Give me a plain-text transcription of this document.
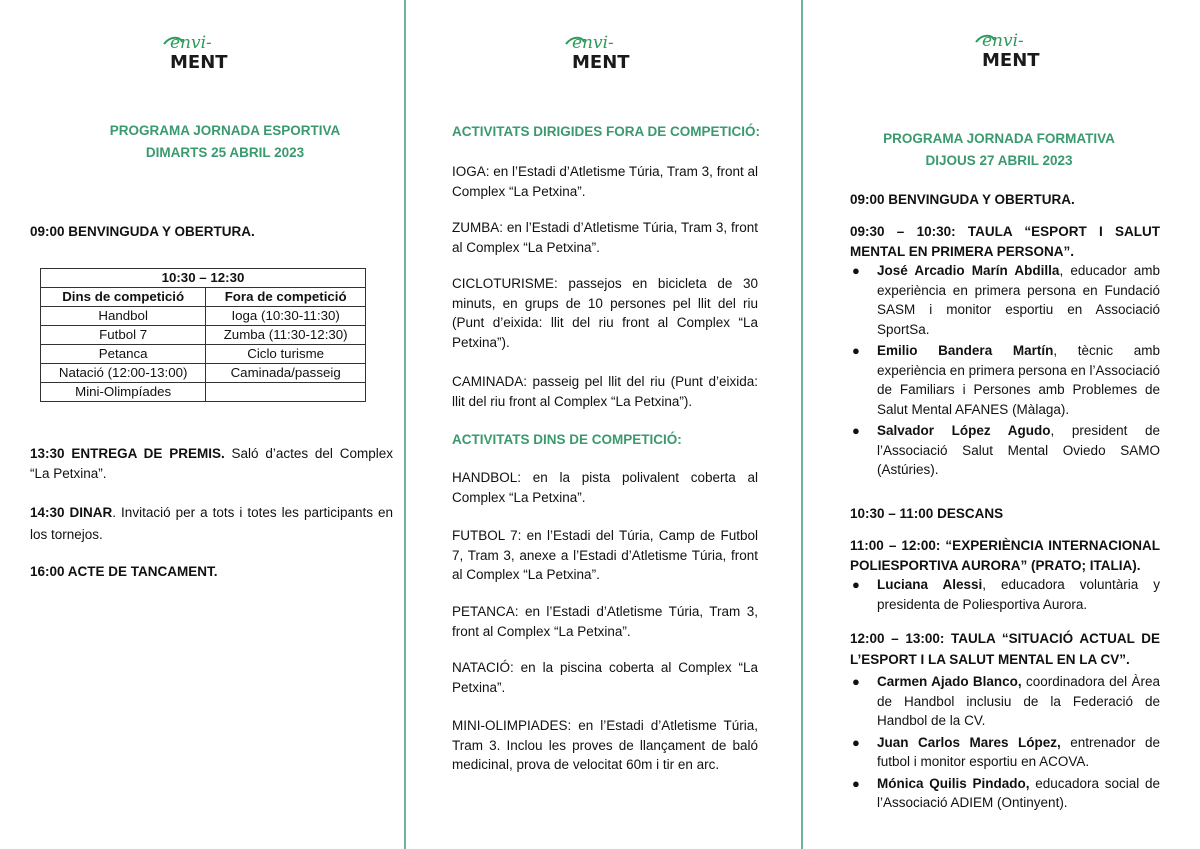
envi-
MENT
envi-
MENT
envi-
MENT
PROGRAMA JORNADA ESPORTIVA
DIMARTS 25 ABRIL 2023
09:00 BENVINGUDA Y OBERTURA.
10:30 – 12:30	
Dins de competició	Fora de competició
Handbol	Ioga (10:30-11:30)
Futbol 7	Zumba (11:30-12:30)
Petanca	Ciclo turisme
Natació (12:00-13:00)	Caminada/passeig
Mini-Olimpíades	
13:30 ENTREGA DE PREMIS. Saló d’actes del Complex “La Petxina”.
14:30 DINAR. Invitació per a tots i totes les participants en los tornejos.
16:00 ACTE DE TANCAMENT.
ACTIVITATS DIRIGIDES FORA DE COMPETICIÓ:
IOGA: en l’Estadi d’Atletisme Túria, Tram 3, front al Complex “La Petxina”.
ZUMBA: en l’Estadi d’Atletisme Túria, Tram 3, front al Complex “La Petxina”.
CICLOTURISME: passejos en bicicleta de 30 minuts, en grups de 10 persones pel llit del riu (Punt d’eixida: llit del riu front al Complex “La Petxina”).
CAMINADA: passeig pel llit del riu (Punt d’eixida: llit del riu front al Complex “La Petxina”).
ACTIVITATS DINS DE COMPETICIÓ:
HANDBOL: en la pista polivalent coberta al Complex “La Petxina”.
FUTBOL 7: en l’Estadi del Túria, Camp de Futbol 7, Tram 3, anexe a l’Estadi d’Atletisme Túria, front al Complex “La Petxina”.
PETANCA: en l’Estadi d’Atletisme Túria, Tram 3, front al Complex “La Petxina”.
NATACIÓ: en la piscina coberta al Complex “La Petxina”.
MINI-OLIMPIADES: en l’Estadi d’Atletisme Túria, Tram 3. Inclou les proves de llançament de baló medicinal, prova de velocitat 60m i tir en arc.
PROGRAMA JORNADA FORMATIVA
DIJOUS 27 ABRIL 2023
09:00 BENVINGUDA Y OBERTURA.
09:30 – 10:30: TAULA “ESPORT I SALUT MENTAL EN PRIMERA PERSONA”.
● José Arcadio Marín Abdilla, educador amb experiència en primera persona en Fundació SASM i monitor esportiu en Associació SportSa.
● Emilio Bandera Martín, tècnic amb experiència en primera persona en l’Associació de Familiars i Persones amb Problemes de Salut Mental AFANES (Màlaga).
● Salvador López Agudo, president de l’Associació Salut Mental Oviedo SAMO (Astúries).
10:30 – 11:00 DESCANS
11:00 – 12:00: “EXPERIÈNCIA INTERNACIONAL POLIESPORTIVA AURORA” (PRATO; ITALIA).
● Luciana Alessi, educadora voluntària y presidenta de Poliesportiva Aurora.
12:00 – 13:00: TAULA “SITUACIÓ ACTUAL DE L’ESPORT I LA SALUT MENTAL EN LA CV”.
● Carmen Ajado Blanco, coordinadora del Àrea de Handbol inclusiu de la Federació de Handbol de la CV.
● Juan Carlos Mares López, entrenador de futbol i monitor esportiu en ACOVA.
● Mónica Quilis Pindado, educadora social de l’Associació ADIEM (Ontinyent).
